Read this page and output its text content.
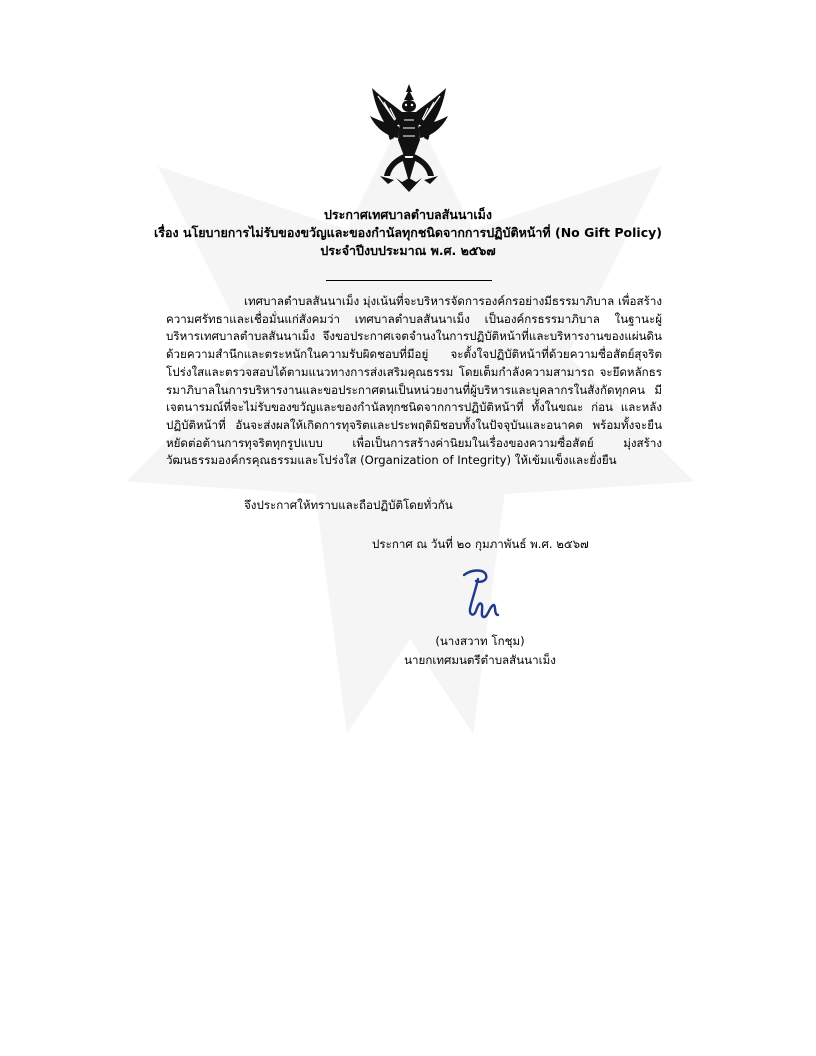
ประกาศเทศบาลตำบลสันนาเม็ง
เรื่อง นโยบายการไม่รับของขวัญและของกำนัลทุกชนิดจากการปฏิบัติหน้าที่ (No Gift Policy)
ประจำปีงบประมาณ พ.ศ. ๒๕๖๗
เทศบาลตำบลสันนาเม็ง มุ่งเน้นที่จะบริหารจัดการองค์กรอย่างมีธรรมาภิบาล เพื่อสร้างความศรัทธาและเชื่อมั่นแก่สังคมว่า เทศบาลตำบลสันนาเม็ง เป็นองค์กรธรรมาภิบาล ในฐานะผู้บริหารเทศบาลตำบลสันนาเม็ง จึงขอประกาศเจตจำนงในการปฏิบัติหน้าที่และบริหารงานของแผ่นดิน ด้วยความสำนึกและตระหนักในความรับผิดชอบที่มีอยู่ จะตั้งใจปฏิบัติหน้าที่ด้วยความซื่อสัตย์สุจริต โปร่งใสและตรวจสอบได้ตามแนวทางการส่งเสริมคุณธรรม โดยเต็มกำลังความสามารถ จะยึดหลักธรรมาภิบาลในการบริหารงานและขอประกาศตนเป็นหน่วยงานที่ผู้บริหารและบุคลากรในสังกัดทุกคน มีเจตนารมณ์ที่จะไม่รับของขวัญและของกำนัลทุกชนิดจากการปฏิบัติหน้าที่ ทั้งในขณะ ก่อน และหลังปฏิบัติหน้าที่ อันจะส่งผลให้เกิดการทุจริตและประพฤติมิชอบทั้งในปัจจุบันและอนาคต พร้อมทั้งจะยืนหยัดต่อต้านการทุจริตทุกรูปแบบ เพื่อเป็นการสร้างค่านิยมในเรื่องของความซื่อสัตย์ มุ่งสร้างวัฒนธรรมองค์กรคุณธรรมและโปร่งใส (Organization of Integrity) ให้เข้มแข็งและยั่งยืน
จึงประกาศให้ทราบและถือปฏิบัติโดยทั่วกัน
ประกาศ ณ วันที่ ๒๐ กุมภาพันธ์ พ.ศ. ๒๕๖๗
(นางสวาท โกชุม)
นายกเทศมนตรีตำบลสันนาเม็ง
